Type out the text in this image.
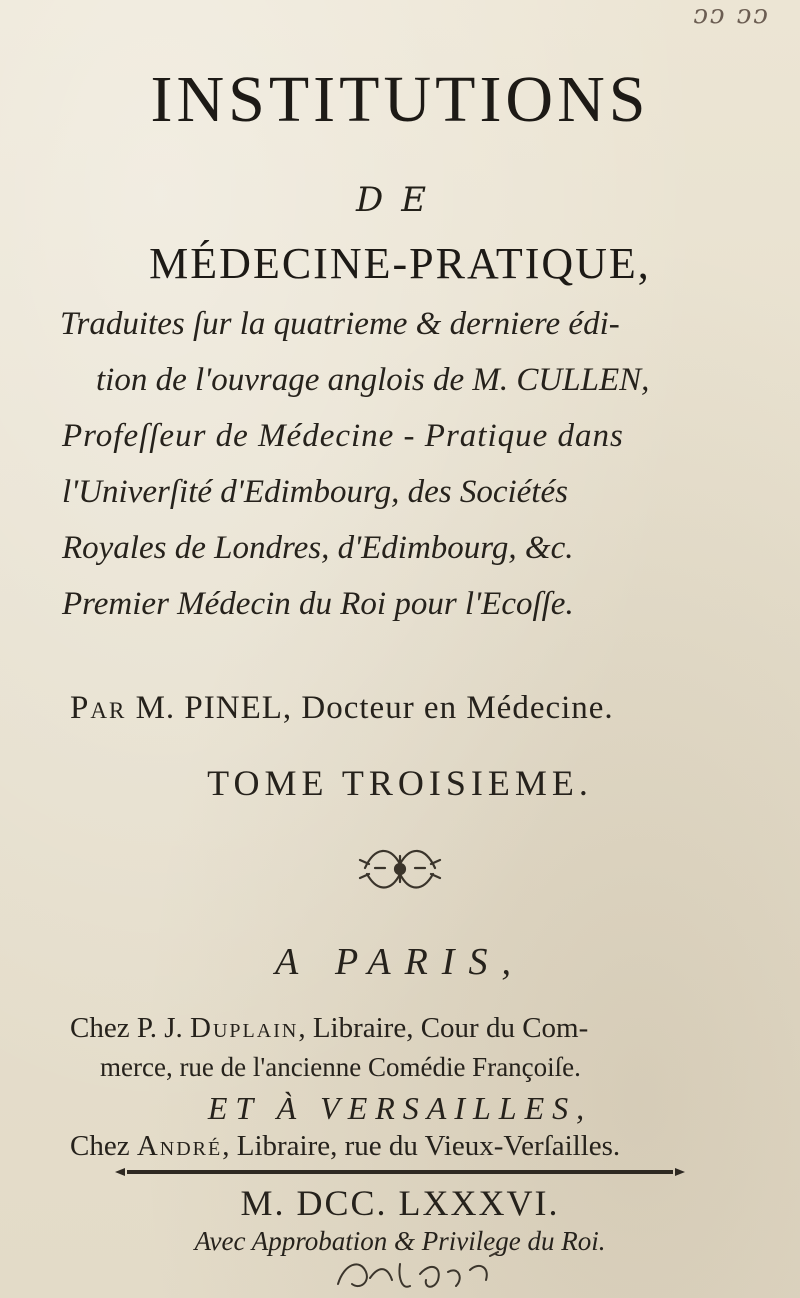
ᴐᴐ ᴐᴐ
INSTITUTIONS
DE
MÉDECINE-PRATIQUE,
Traduites ſur la quatrieme & derniere édi-
tion de l'ouvrage anglois de M. CULLEN,
Profeſſeur de Médecine - Pratique dans
l'Univerſité d'Edimbourg, des Sociétés
Royales de Londres, d'Edimbourg, &c.
Premier Médecin du Roi pour l'Ecoſſe.
Par M. PINEL, Docteur en Médecine.
TOME TROISIEME.
A PARIS,
Chez P. J. Duplain, Libraire, Cour du Com-
merce, rue de l'ancienne Comédie Françoiſe.
ET À VERSAILLES,
Chez André, Libraire, rue du Vieux-Verſailles.
M. DCC. LXXXVI.
Avec Approbation & Privilege du Roi.
